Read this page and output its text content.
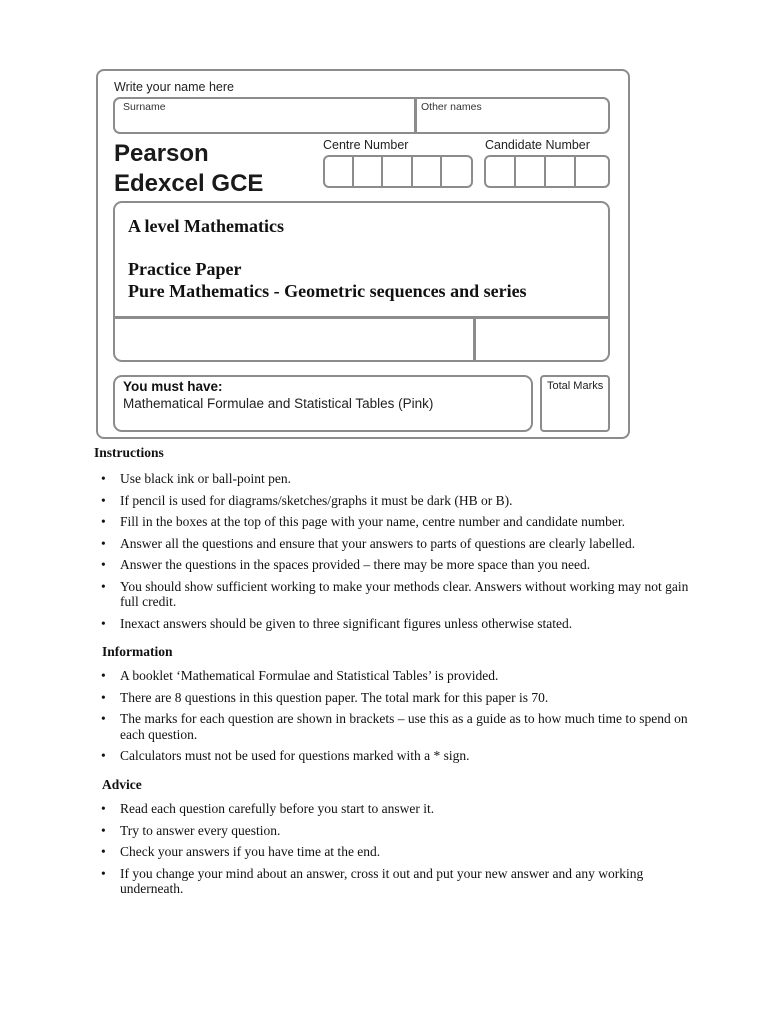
Write your name here
Surname	Other names
Pearson
Edexcel GCE
Centre Number	Candidate Number
A level Mathematics
Practice Paper
Pure Mathematics - Geometric sequences and series
You must have:
Mathematical Formulae and Statistical Tables (Pink)
Total Marks
Instructions
• Use black ink or ball-point pen.
• If pencil is used for diagrams/sketches/graphs it must be dark (HB or B).
• Fill in the boxes at the top of this page with your name, centre number and candidate number.
• Answer all the questions and ensure that your answers to parts of questions are clearly labelled.
• Answer the questions in the spaces provided – there may be more space than you need.
• You should show sufficient working to make your methods clear. Answers without working may not gain full credit.
• Inexact answers should be given to three significant figures unless otherwise stated.
Information
• A booklet ‘Mathematical Formulae and Statistical Tables’ is provided.
• There are 8 questions in this question paper. The total mark for this paper is 70.
• The marks for each question are shown in brackets – use this as a guide as to how much time to spend on each question.
• Calculators must not be used for questions marked with a * sign.
Advice
• Read each question carefully before you start to answer it.
• Try to answer every question.
• Check your answers if you have time at the end.
• If you change your mind about an answer, cross it out and put your new answer and any working underneath.
